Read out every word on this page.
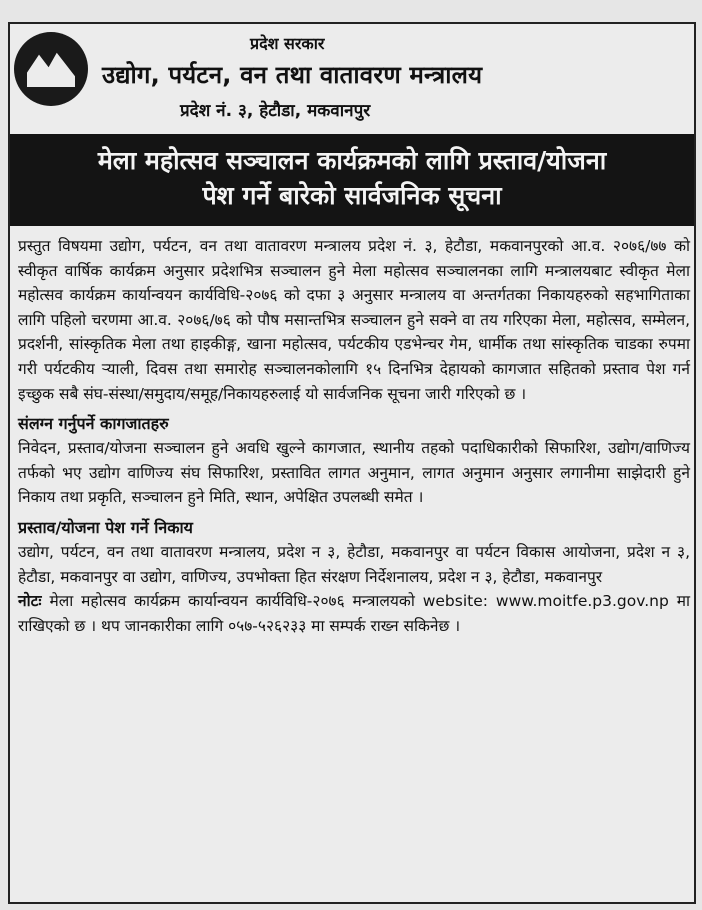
प्रदेश सरकार
उद्योग, पर्यटन, वन तथा वातावरण मन्त्रालय
प्रदेश नं. ३, हेटौडा, मकवानपुर
मेला महोत्सव सञ्चालन कार्यक्रमको लागि प्रस्ताव/योजना
पेश गर्ने बारेको सार्वजनिक सूचना

प्रस्तुत विषयमा उद्योग, पर्यटन, वन तथा वातावरण मन्त्रालय प्रदेश नं. ३, हेटौडा, मकवानपुरको आ.व. २०७६/७७ को स्वीकृत वार्षिक कार्यक्रम अनुसार प्रदेशभित्र सञ्चालन हुने मेला महोत्सव सञ्चालनका लागि मन्त्रालयबाट स्वीकृत मेला महोत्सव कार्यक्रम कार्यान्वयन कार्यविधि-२०७६ को दफा ३ अनुसार मन्त्रालय वा अन्तर्गतका निकायहरुको सहभागिताका लागि पहिलो चरणमा आ.व. २०७६/७६ को पौष मसान्तभित्र सञ्चालन हुने सक्ने वा तय गरिएका मेला, महोत्सव, सम्मेलन, प्रदर्शनी, सांस्कृतिक मेला तथा हाइकीङ्ग, खाना महोत्सव, पर्यटकीय एडभेन्चर गेम, धार्मीक तथा सांस्कृतिक चाडका रुपमा गरी पर्यटकीय ऱ्याली, दिवस तथा समारोह सञ्चालनकोलागि १५ दिनभित्र देहायको कागजात सहितको प्रस्ताव पेश गर्न इच्छुक सबै संघ-संस्था/समुदाय/समूह/निकायहरुलाई यो सार्वजनिक सूचना जारी गरिएको छ ।

संलग्न गर्नुपर्ने कागजातहरु

निवेदन, प्रस्ताव/योजना सञ्चालन हुने अवधि खुल्ने कागजात, स्थानीय तहको पदाधिकारीको सिफारिश, उद्योग/वाणिज्य तर्फको भए उद्योग वाणिज्य संघ सिफारिश, प्रस्तावित लागत अनुमान, लागत अनुमान अनुसार लगानीमा साझेदारी हुने निकाय तथा प्रकृति, सञ्चालन हुने मिति, स्थान, अपेक्षित उपलब्धी समेत ।

प्रस्ताव/योजना पेश गर्ने निकाय

उद्योग, पर्यटन, वन तथा वातावरण मन्त्रालय, प्रदेश न ३, हेटौडा, मकवानपुर वा पर्यटन विकास आयोजना, प्रदेश न ३, हेटौडा, मकवानपुर वा उद्योग, वाणिज्य, उपभोक्ता हित संरक्षण निर्देशनालय, प्रदेश न ३, हेटौडा, मकवानपुर

नोटः मेला महोत्सव कार्यक्रम कार्यान्वयन कार्यविधि-२०७६ मन्त्रालयको website: www.moitfe.p3.gov.np मा राखिएको छ । थप जानकारीका लागि ०५७-५२६२३३ मा सम्पर्क राख्न सकिनेछ ।
